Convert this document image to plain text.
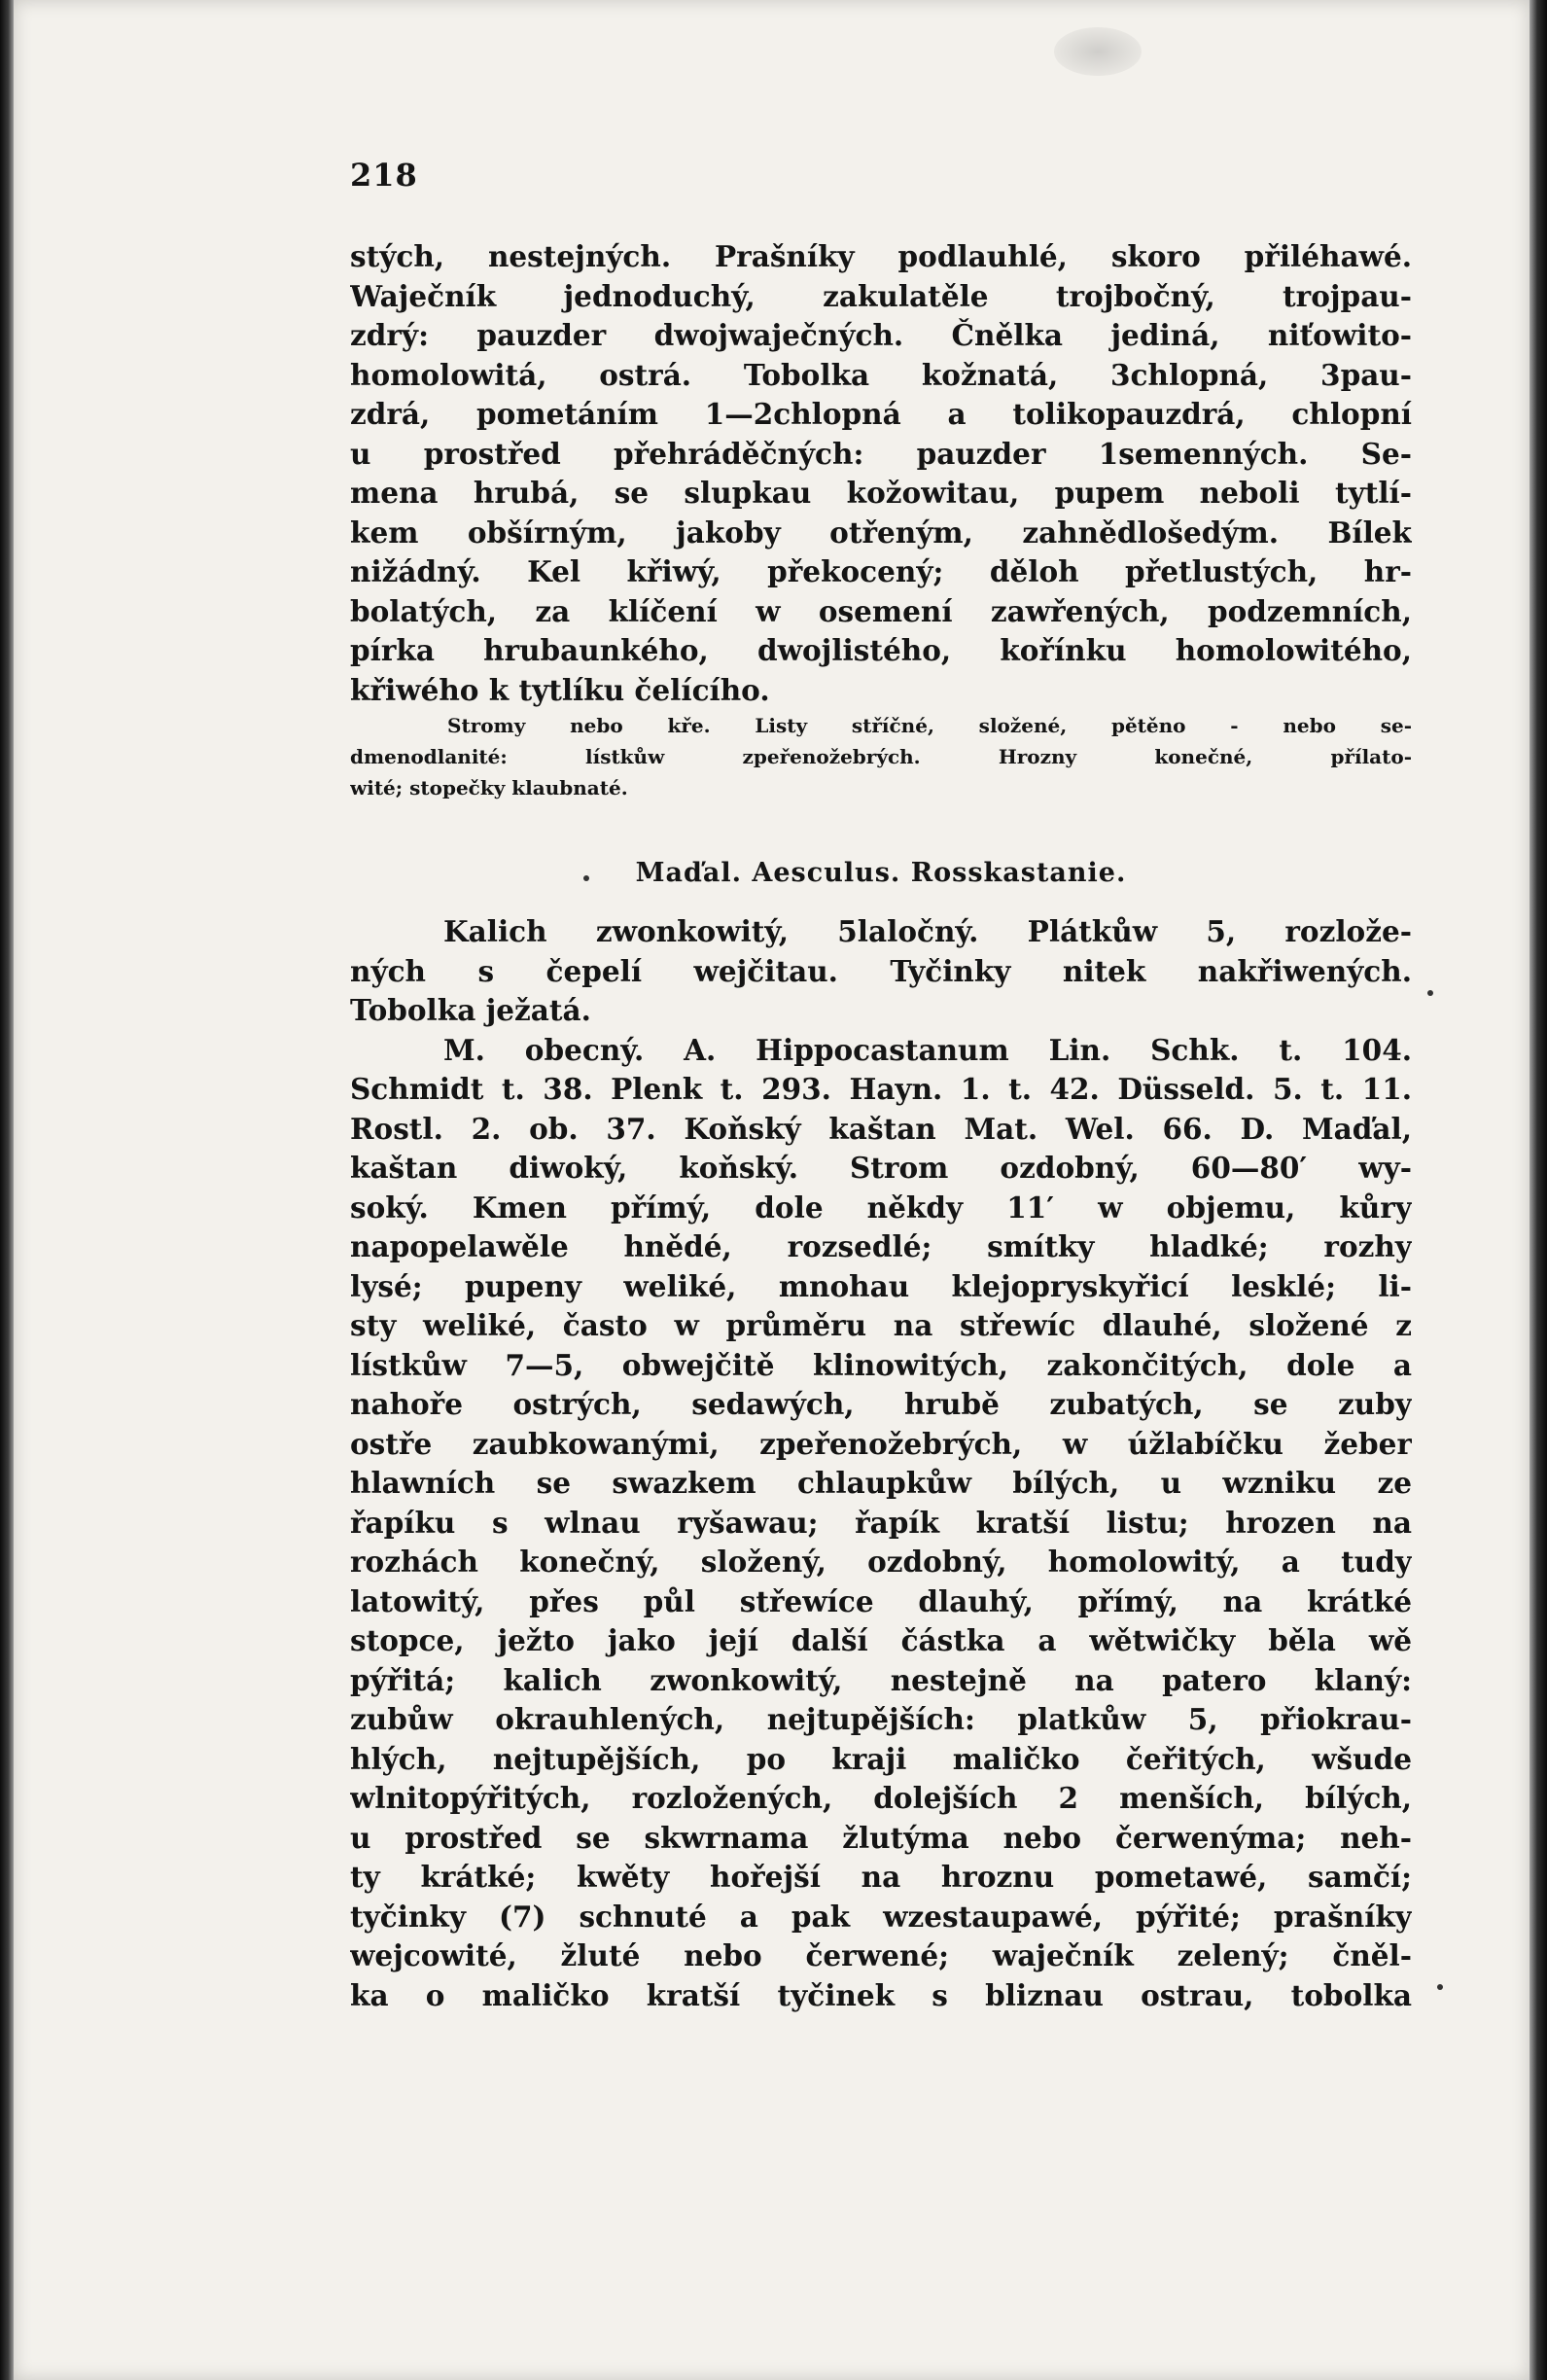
218
stých, nestejných. Prašníky podlauhlé, skoro přiléhawé.
Waječník jednoduchý, zakulatěle trojbočný, trojpau-
zdrý: pauzder dwojwaječných. Čnělka jediná, niťowito-
homolowitá, ostrá. Tobolka kožnatá, 3chlopná, 3pau-
zdrá, pometáním 1—2chlopná a tolikopauzdrá, chlopní
u prostřed přehráděčných: pauzder 1semenných. Se-
mena hrubá, se slupkau kožowitau, pupem neboli tytlí-
kem obšírným, jakoby otřeným, zahnědlošedým. Bílek
nižádný. Kel křiwý, překocený; děloh přetlustých, hr-
bolatých, za klíčení w osemení zawřených, podzemních,
pírka hrubaunkého, dwojlistého, kořínku homolowitého,
křiwého k tytlíku čelícího.
Stromy nebo kře. Listy stříčné, složené, pětěno - nebo se-
dmenodlanité: lístkůw zpeřenožebrých. Hrozny konečné, přílato-
wité; stopečky klaubnaté.
Maďal. Aesculus. Rosskastanie.
Kalich zwonkowitý, 5laločný. Plátkůw 5, rozlože-
ných s čepelí wejčitau. Tyčinky nitek nakřiwených.
Tobolka ježatá.
M. obecný. A. Hippocastanum Lin. Schk. t. 104.
Schmidt t. 38. Plenk t. 293. Hayn. 1. t. 42. Düsseld. 5. t. 11.
Rostl. 2. ob. 37. Koňský kaštan Mat. Wel. 66. D. Maďal,
kaštan diwoký, koňský. Strom ozdobný, 60—80′ wy-
soký. Kmen přímý, dole někdy 11′ w objemu, kůry
napopelawěle hnědé, rozsedlé; smítky hladké; rozhy
lysé; pupeny weliké, mnohau klejopryskyřicí lesklé; li-
sty weliké, často w průměru na střewíc dlauhé, složené z
lístkůw 7—5, obwejčitě klinowitých, zakončitých, dole a
nahoře ostrých, sedawých, hrubě zubatých, se zuby
ostře zaubkowanými, zpeřenožebrých, w úžlabíčku žeber
hlawních se swazkem chlaupkůw bílých, u wzniku ze
řapíku s wlnau ryšawau; řapík kratší listu; hrozen na
rozhách konečný, složený, ozdobný, homolowitý, a tudy
latowitý, přes půl střewíce dlauhý, přímý, na krátké
stopce, ježto jako její další částka a wětwičky běla wě
pýřitá; kalich zwonkowitý, nestejně na patero klaný:
zubůw okrauhlených, nejtupějších: platkůw 5, přiokrau-
hlých, nejtupějších, po kraji maličko čeřitých, wšude
wlnitopýřitých, rozložených, dolejších 2 menších, bílých,
u prostřed se skwrnama žlutýma nebo čerwenýma; neh-
ty krátké; kwěty hořejší na hroznu pometawé, samčí;
tyčinky (7) schnuté a pak wzestaupawé, pýřité; prašníky
wejcowité, žluté nebo čerwené; waječník zelený; čněl-
ka o maličko kratší tyčinek s bliznau ostrau, tobolka
